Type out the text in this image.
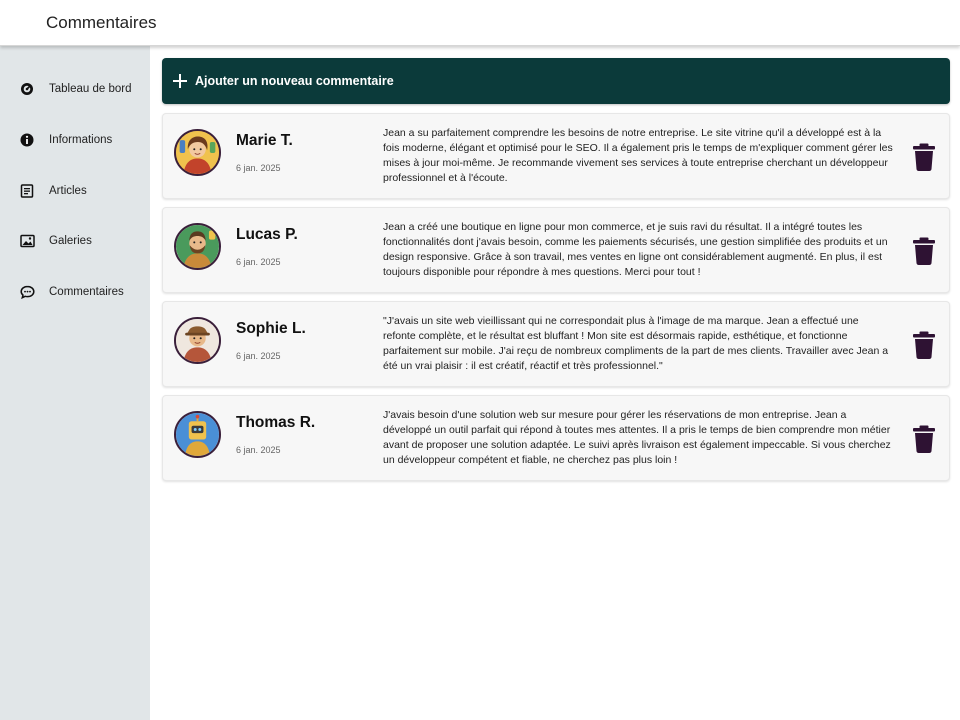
Commentaires
Tableau de bord
Informations
Articles
Galeries
Commentaires
Ajouter un nouveau commentaire
Marie T.
6 jan. 2025
Jean a su parfaitement comprendre les besoins de notre entreprise. Le site vitrine qu'il a développé est à la fois moderne, élégant et optimisé pour le SEO. Il a également pris le temps de m'expliquer comment gérer les mises à jour moi-même. Je recommande vivement ses services à toute entreprise cherchant un développeur professionnel et à l'écoute.
Lucas P.
6 jan. 2025
Jean a créé une boutique en ligne pour mon commerce, et je suis ravi du résultat. Il a intégré toutes les fonctionnalités dont j'avais besoin, comme les paiements sécurisés, une gestion simplifiée des produits et un design responsive. Grâce à son travail, mes ventes en ligne ont considérablement augmenté. En plus, il est toujours disponible pour répondre à mes questions. Merci pour tout !
Sophie L.
6 jan. 2025
"J'avais un site web vieillissant qui ne correspondait plus à l'image de ma marque. Jean a effectué une refonte complète, et le résultat est bluffant ! Mon site est désormais rapide, esthétique, et fonctionne parfaitement sur mobile. J'ai reçu de nombreux compliments de la part de mes clients. Travailler avec Jean a été un vrai plaisir : il est créatif, réactif et très professionnel."
Thomas R.
6 jan. 2025
J'avais besoin d'une solution web sur mesure pour gérer les réservations de mon entreprise. Jean a développé un outil parfait qui répond à toutes mes attentes. Il a pris le temps de bien comprendre mon métier avant de proposer une solution adaptée. Le suivi après livraison est également impeccable. Si vous cherchez un développeur compétent et fiable, ne cherchez pas plus loin !
